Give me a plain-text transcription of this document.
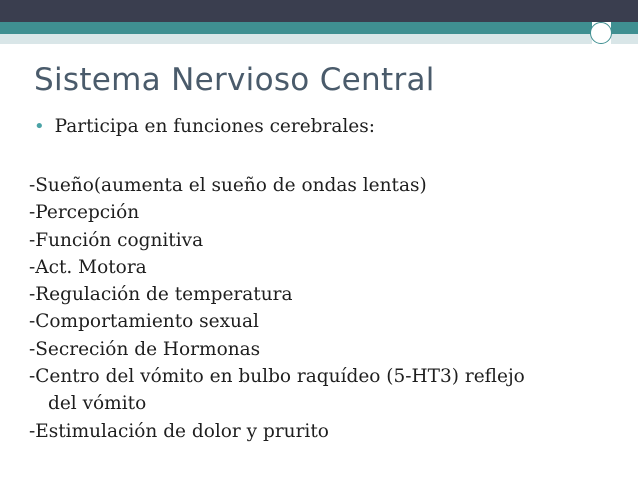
Sistema Nervioso Central
• Participa en funciones cerebrales:
-Sueño(aumenta el sueño de ondas lentas)
-Percepción
-Función cognitiva
-Act. Motora
-Regulación de temperatura
-Comportamiento sexual
-Secreción de Hormonas
-Centro del vómito en bulbo raquídeo (5-HT3) reflejo
del vómito
-Estimulación de dolor y prurito
